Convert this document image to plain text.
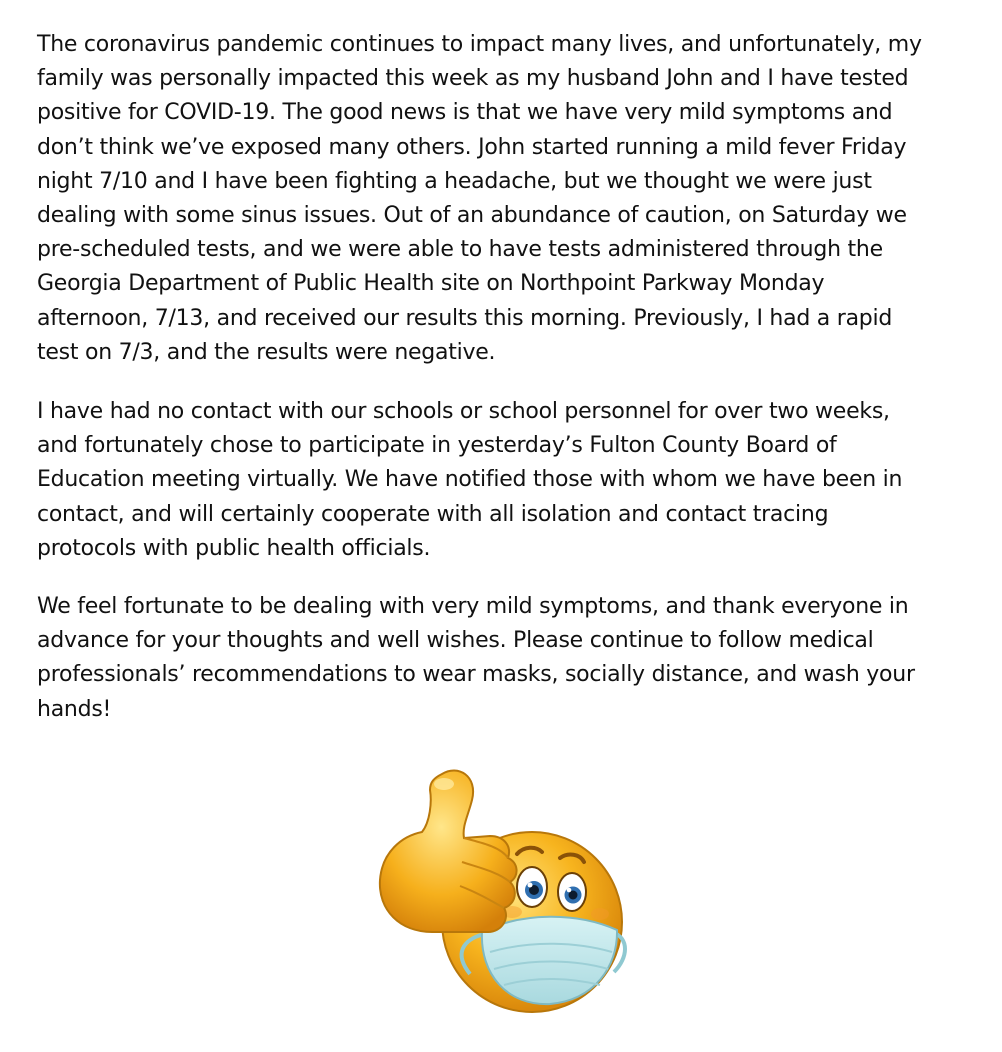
The coronavirus pandemic continues to impact many lives, and unfortunately, my
family was personally impacted this week as my husband John and I have tested
positive for COVID-19. The good news is that we have very mild symptoms and
don’t think we’ve exposed many others. John started running a mild fever Friday
night 7/10 and I have been fighting a headache, but we thought we were just
dealing with some sinus issues. Out of an abundance of caution, on Saturday we
pre-scheduled tests, and we were able to have tests administered through the
Georgia Department of Public Health site on Northpoint Parkway Monday
afternoon, 7/13, and received our results this morning. Previously, I had a rapid
test on 7/3, and the results were negative.

I have had no contact with our schools or school personnel for over two weeks,
and fortunately chose to participate in yesterday’s Fulton County Board of
Education meeting virtually. We have notified those with whom we have been in
contact, and will certainly cooperate with all isolation and contact tracing
protocols with public health officials.

We feel fortunate to be dealing with very mild symptoms, and thank everyone in
advance for your thoughts and well wishes. Please continue to follow medical
professionals’ recommendations to wear masks, socially distance, and wash your
hands!
